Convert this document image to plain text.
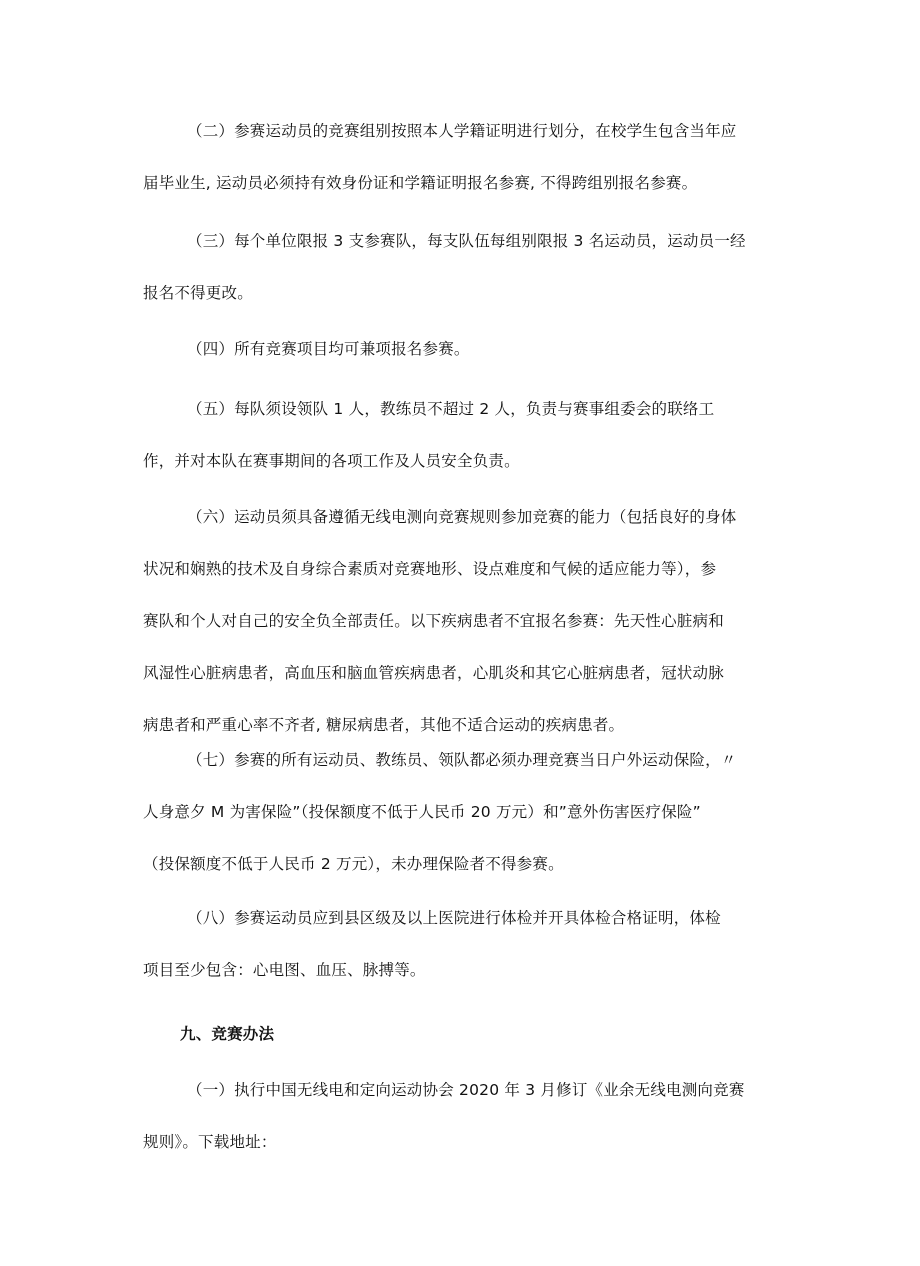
（二）参赛运动员的竞赛组别按照本人学籍证明进行划分，在校学生包含当年应
届毕业生, 运动员必须持有效身份证和学籍证明报名参赛, 不得跨组别报名参赛。

（三）每个单位限报 3 支参赛队，每支队伍每组别限报 3 名运动员，运动员一经
报名不得更改。

（四）所有竞赛项目均可兼项报名参赛。

（五）每队须设领队 1 人，教练员不超过 2 人，负责与赛事组委会的联络工
作，并对本队在赛事期间的各项工作及人员安全负责。

（六）运动员须具备遵循无线电测向竞赛规则参加竞赛的能力（包括良好的身体
状况和娴熟的技术及自身综合素质对竞赛地形、设点难度和气候的适应能力等），参
赛队和个人对自己的安全负全部责任。以下疾病患者不宜报名参赛：先天性心脏病和
风湿性心脏病患者，高血压和脑血管疾病患者，心肌炎和其它心脏病患者，冠状动脉
病患者和严重心率不齐者, 糖尿病患者，其他不适合运动的疾病患者。

（七）参赛的所有运动员、教练员、领队都必须办理竞赛当日户外运动保险，〃
人身意夕 M 为害保险”（投保额度不低于人民币 20 万元）和”意外伤害医疗保险”
（投保额度不低于人民币 2 万元），未办理保险者不得参赛。

（八）参赛运动员应到县区级及以上医院进行体检并开具体检合格证明，体检
项目至少包含：心电图、血压、脉搏等。

九、竞赛办法

（一）执行中国无线电和定向运动协会 2020 年 3 月修订《业余无线电测向竞赛
规则》。下载地址：
